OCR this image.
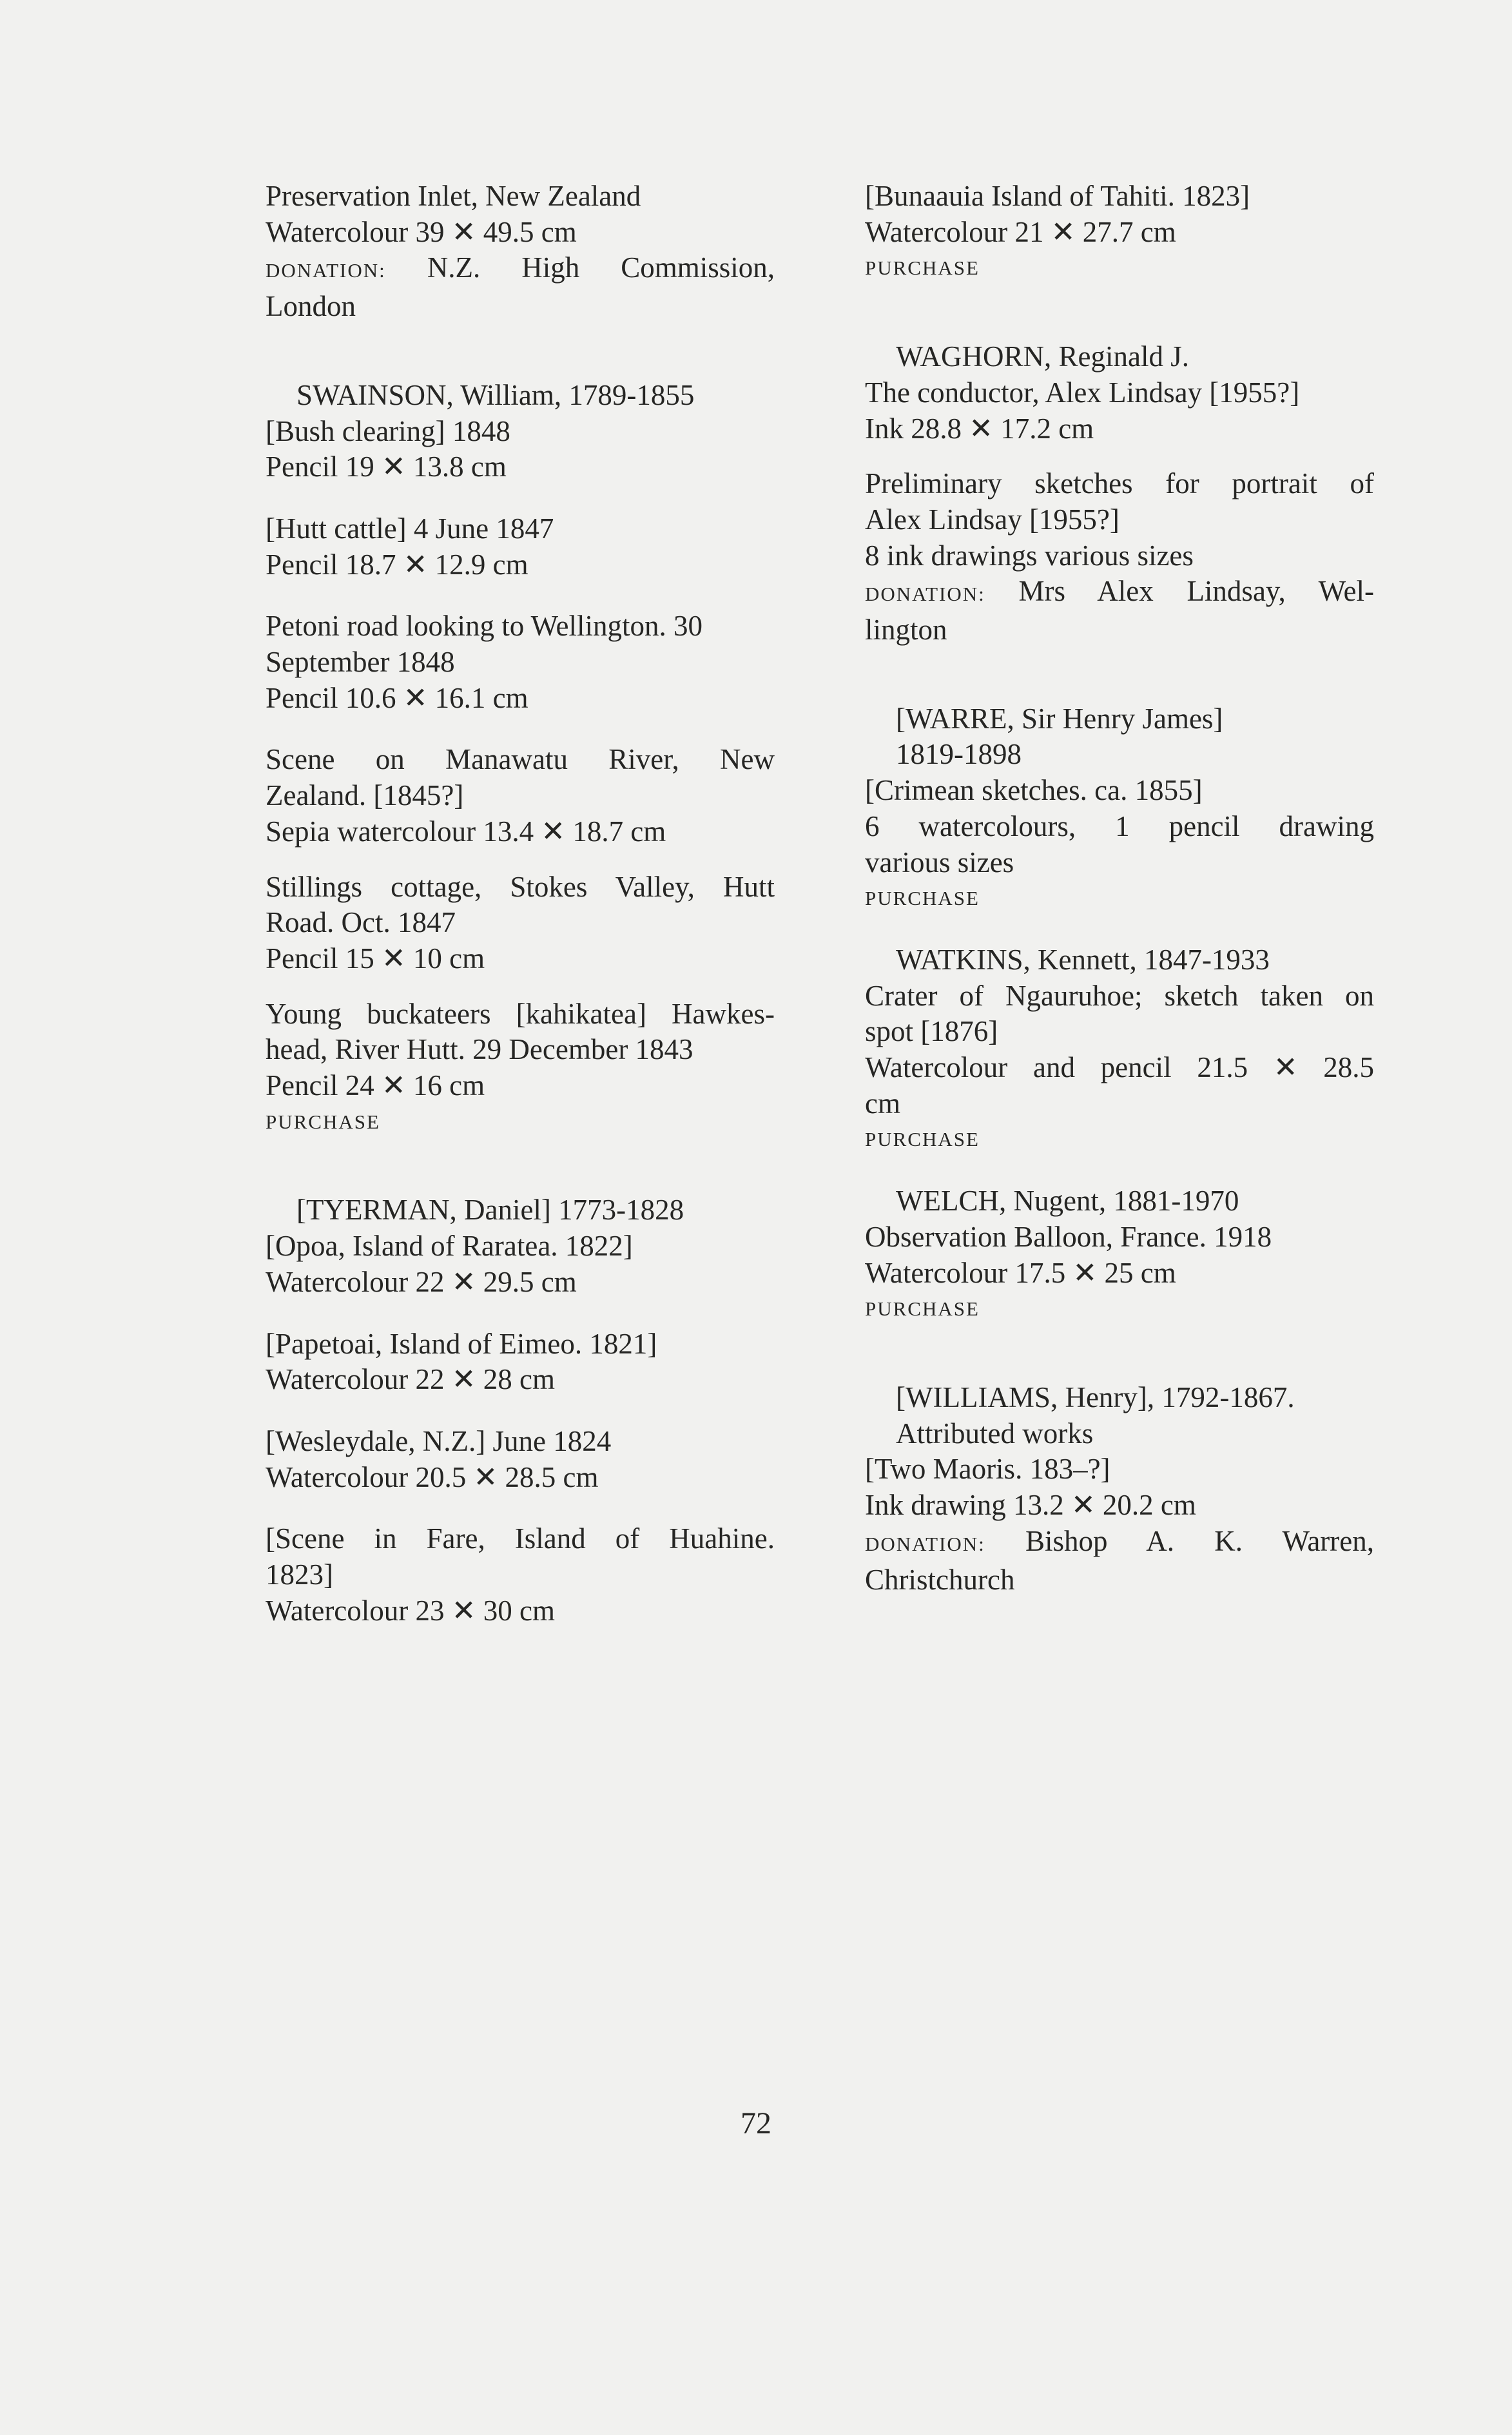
Preservation Inlet, New Zealand
Watercolour 39 ✕ 49.5 cm
DONATION: N.Z. High Commission,
London
SWAINSON, William, 1789-1855
[Bush clearing] 1848
Pencil 19 ✕ 13.8 cm
[Hutt cattle] 4 June 1847
Pencil 18.7 ✕ 12.9 cm
Petoni road looking to Wellington. 30
September 1848
Pencil 10.6 ✕ 16.1 cm
Scene on Manawatu River, New
Zealand. [1845?]
Sepia watercolour 13.4 ✕ 18.7 cm
Stillings cottage, Stokes Valley, Hutt
Road. Oct. 1847
Pencil 15 ✕ 10 cm
Young buckateers [kahikatea] Hawkes-
head, River Hutt. 29 December 1843
Pencil 24 ✕ 16 cm
PURCHASE
[TYERMAN, Daniel] 1773-1828
[Opoa, Island of Raratea. 1822]
Watercolour 22 ✕ 29.5 cm
[Papetoai, Island of Eimeo. 1821]
Watercolour 22 ✕ 28 cm
[Wesleydale, N.Z.] June 1824
Watercolour 20.5 ✕ 28.5 cm
[Scene in Fare, Island of Huahine.
1823]
Watercolour 23 ✕ 30 cm
[Bunaauia Island of Tahiti. 1823]
Watercolour 21 ✕ 27.7 cm
PURCHASE
WAGHORN, Reginald J.
The conductor, Alex Lindsay [1955?]
Ink 28.8 ✕ 17.2 cm
Preliminary sketches for portrait of
Alex Lindsay [1955?]
8 ink drawings various sizes
DONATION: Mrs Alex Lindsay, Wel-
lington
[WARRE, Sir Henry James]
1819-1898
[Crimean sketches. ca. 1855]
6 watercolours, 1 pencil drawing
various sizes
PURCHASE
WATKINS, Kennett, 1847-1933
Crater of Ngauruhoe; sketch taken on
spot [1876]
Watercolour and pencil 21.5 ✕ 28.5
cm
PURCHASE
WELCH, Nugent, 1881-1970
Observation Balloon, France. 1918
Watercolour 17.5 ✕ 25 cm
PURCHASE
[WILLIAMS, Henry], 1792-1867.
Attributed works
[Two Maoris. 183–?]
Ink drawing 13.2 ✕ 20.2 cm
DONATION: Bishop A. K. Warren,
Christchurch
72
